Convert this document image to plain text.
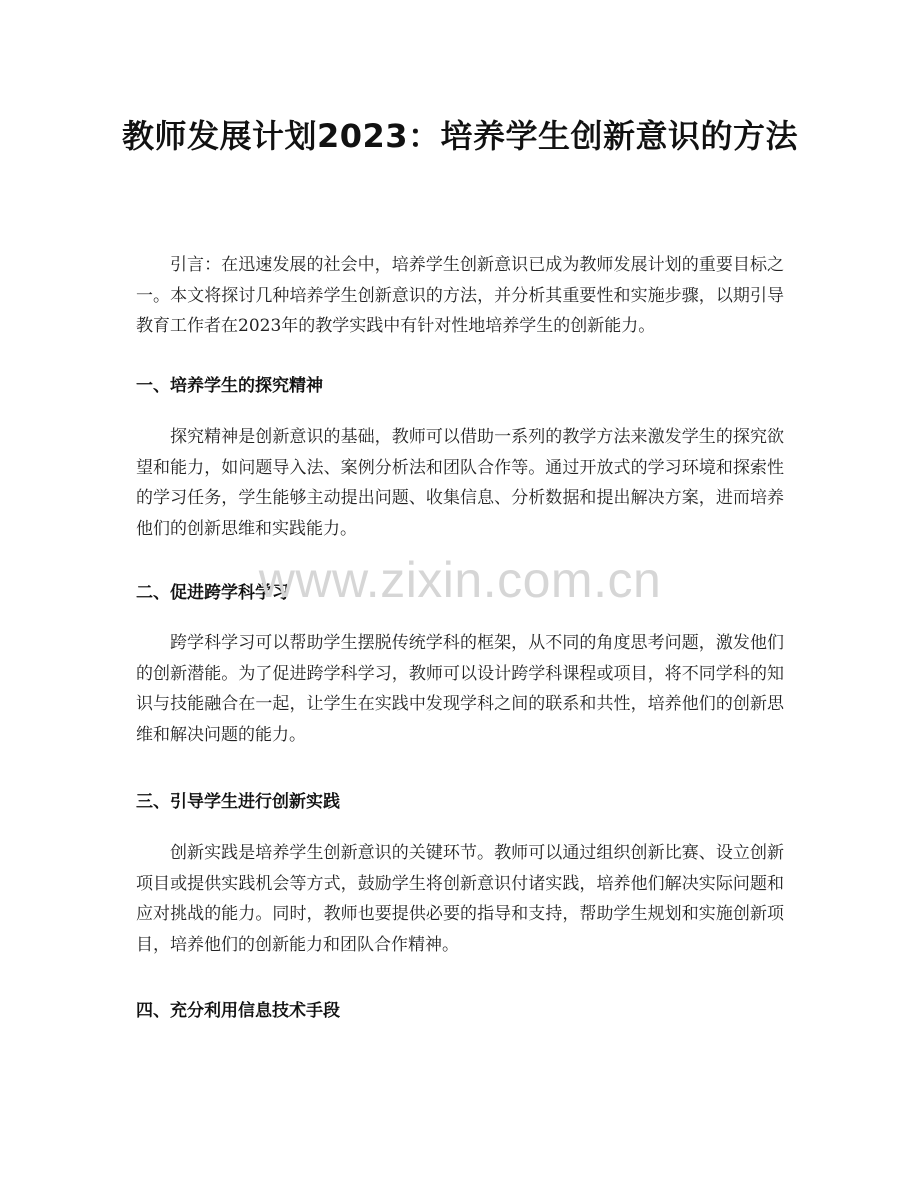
教师发展计划2023：培养学生创新意识的方法

引言：在迅速发展的社会中，培养学生创新意识已成为教师发展计划的重要目标之一。本文将探讨几种培养学生创新意识的方法，并分析其重要性和实施步骤，以期引导教育工作者在2023年的教学实践中有针对性地培养学生的创新能力。

一、培养学生的探究精神

探究精神是创新意识的基础，教师可以借助一系列的教学方法来激发学生的探究欲望和能力，如问题导入法、案例分析法和团队合作等。通过开放式的学习环境和探索性的学习任务，学生能够主动提出问题、收集信息、分析数据和提出解决方案，进而培养他们的创新思维和实践能力。

二、促进跨学科学习

跨学科学习可以帮助学生摆脱传统学科的框架，从不同的角度思考问题，激发他们的创新潜能。为了促进跨学科学习，教师可以设计跨学科课程或项目，将不同学科的知识与技能融合在一起，让学生在实践中发现学科之间的联系和共性，培养他们的创新思维和解决问题的能力。

三、引导学生进行创新实践

创新实践是培养学生创新意识的关键环节。教师可以通过组织创新比赛、设立创新项目或提供实践机会等方式，鼓励学生将创新意识付诸实践，培养他们解决实际问题和应对挑战的能力。同时，教师也要提供必要的指导和支持，帮助学生规划和实施创新项目，培养他们的创新能力和团队合作精神。

四、充分利用信息技术手段
www.zixin.com.cn
